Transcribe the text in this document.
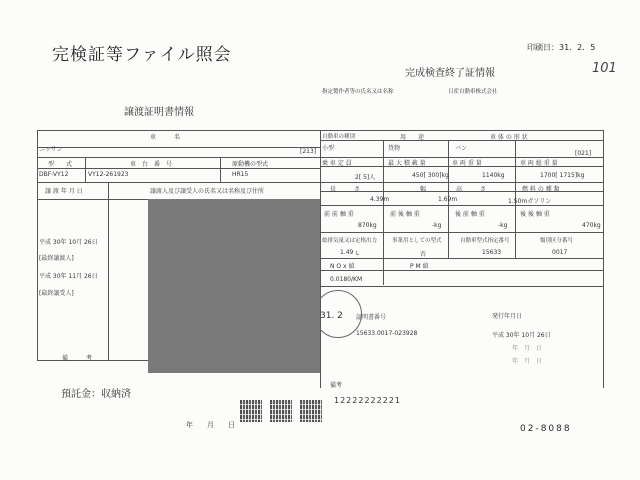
完検証等ファイル照会	印刷日：31．2．5
101
完成検査終了証情報
指定製作者等の氏名又は名称	日産自動車株式会社
譲渡証明書情報
車　　　名
ニッサン	[213]
型　　式	車　台　番　号	原動機の型式
DBF-VY12	VY12-261923	HR15
譲 渡 年 月 日	譲渡人及び譲受人の氏名又は名称及び住所
平成 30年 10月 26日
[最終譲渡人]
平成 30年 11月 26日
[最終譲受人]
備　　　考
自動車の種別	用　　途	車 体 の 形 状
小型	貨物	バン
[021]
乗 車 定 員	最 大 積 載 量	車 両 重 量	車 両 総 重 量
2[ 5]人	450[ 300]kg	1140kg	1700[ 1715]kg
長　　　さ	幅	高　　　さ	燃 料 の 種 類
4.39m	1.69m	1.50mガソリン
前 前 軸 重	前 後 軸 重	後 前 軸 重	後 後 軸 重
870kg	-kg	-kg	470kg
総排気量又は定格出力	事業用としての型式	自動車型式指定番号	類別区分番号
1.49 L	否	15633	0017
N O x 値	P M 値
0.0180/KM
31. 2 証明書番号
15633.0017-023928
発行年月日
平成 30年 10月 26日
年　月　日
年　月　日
預託金：収納済
備考
12222222221
年　　月　　日	02-8088
